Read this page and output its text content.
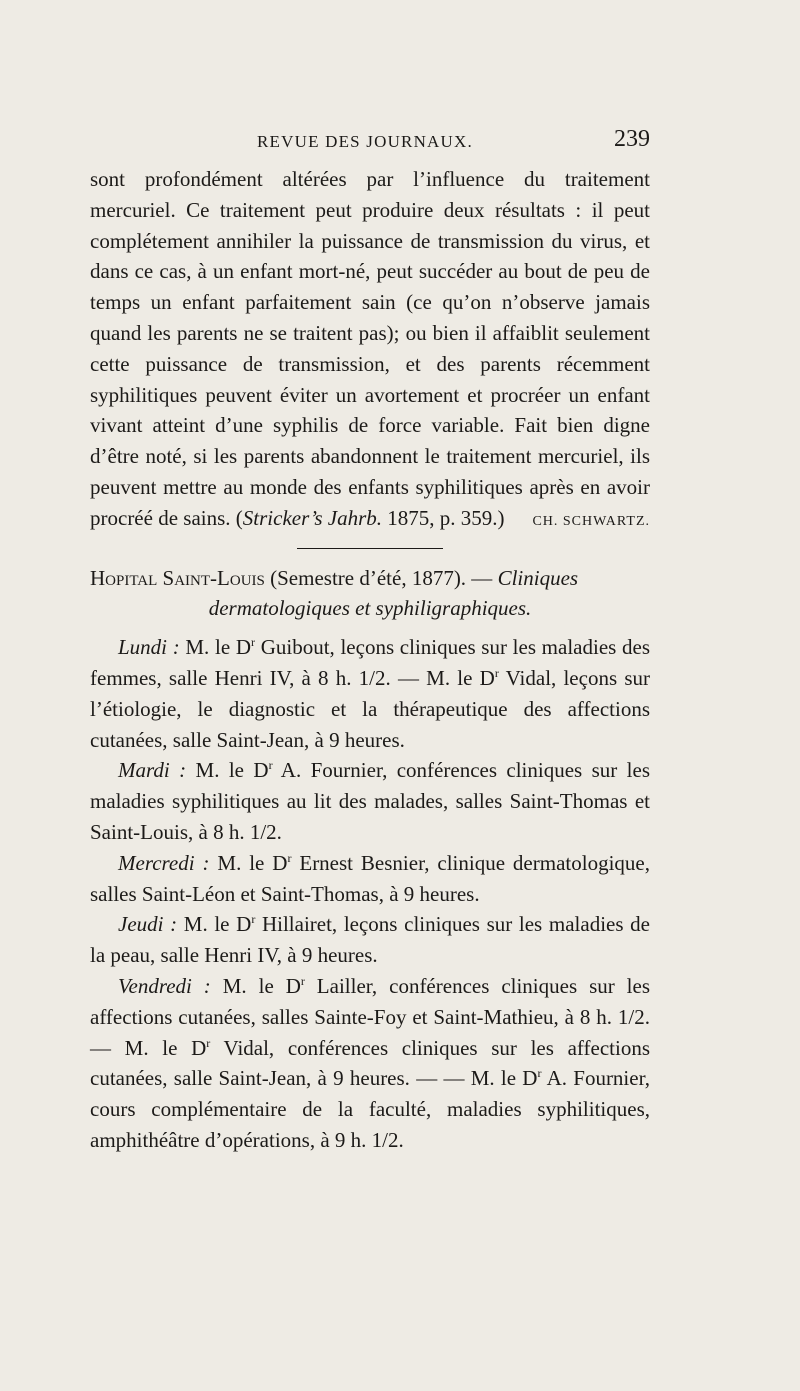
REVUE DES JOURNAUX.	239

sont profondément altérées par l’influence du traitement mercuriel. Ce traitement peut produire deux résultats : il peut complétement annihiler la puissance de transmission du virus, et dans ce cas, à un enfant mort-né, peut succéder au bout de peu de temps un enfant parfaitement sain (ce qu’on n’observe jamais quand les parents ne se traitent pas); ou bien il affaiblit seulement cette puissance de transmission, et des parents récemment syphilitiques peuvent éviter un avortement et procréer un enfant vivant atteint d’une syphilis de force variable. Fait bien digne d’être noté, si les parents abandonnent le traitement mercuriel, ils peuvent mettre au monde des enfants syphilitiques après en avoir procréé de sains. (Stricker’s Jahrb. 1875, p. 359.) CH. SCHWARTZ.

Hopital Saint-Louis (Semestre d’été, 1877). — Cliniques

dermatologiques et syphiligraphiques.

Lundi : M. le $D^r$ Guibout, leçons cliniques sur les maladies des femmes, salle Henri IV, à 8 h. 1/2. — M. le $D^r$ Vidal, leçons sur l’étiologie, le diagnostic et la thérapeutique des affections cutanées, salle Saint-Jean, à 9 heures.

Mardi : M. le $D^r$ A. Fournier, conférences cliniques sur les maladies syphilitiques au lit des malades, salles Saint-Thomas et Saint-Louis, à 8 h. 1/2.

Mercredi : M. le $D^r$ Ernest Besnier, clinique dermatologique, salles Saint-Léon et Saint-Thomas, à 9 heures.

Jeudi : M. le $D^r$ Hillairet, leçons cliniques sur les maladies de la peau, salle Henri IV, à 9 heures.

Vendredi : M. le $D^r$ Lailler, conférences cliniques sur les affections cutanées, salles Sainte-Foy et Saint-Mathieu, à 8 h. 1/2. — M. le $D^r$ Vidal, conférences cliniques sur les affections cutanées, salle Saint-Jean, à 9 heures. — — M. le $D^r$ A. Fournier, cours complémentaire de la faculté, maladies syphilitiques, amphithéâtre d’opérations, à 9 h. 1/2.
